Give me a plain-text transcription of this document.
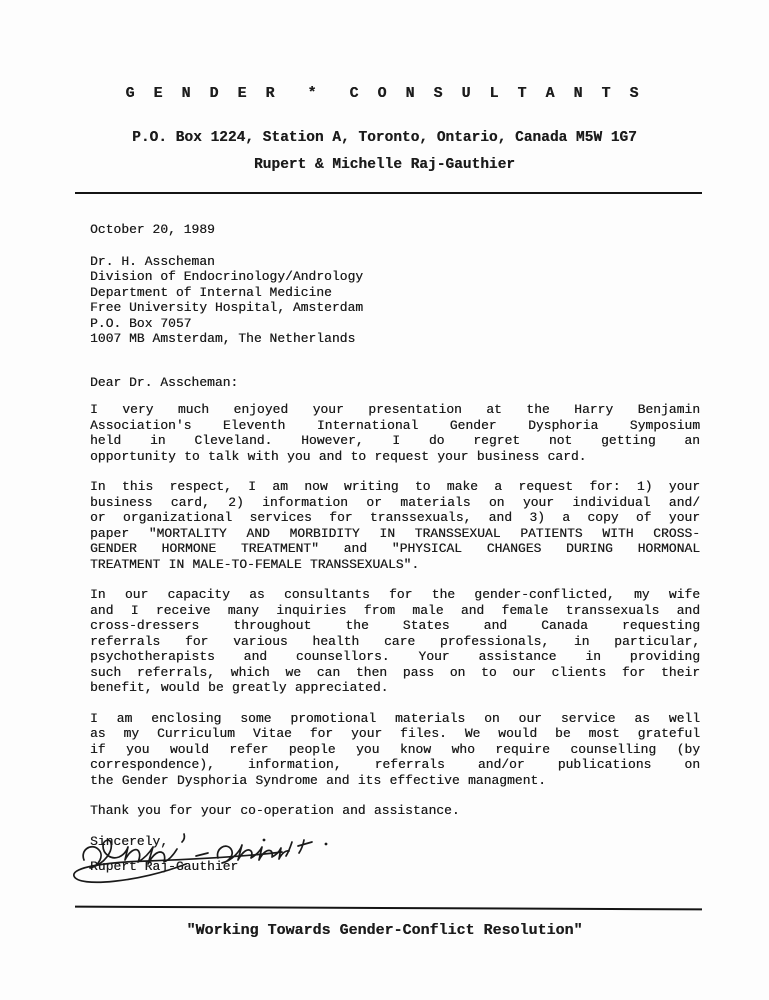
G E N D E R  *  C O N S U L T A N T S
P.O. Box 1224, Station A, Toronto, Ontario, Canada M5W 1G7
Rupert & Michelle Raj-Gauthier
October 20, 1989
Dr. H. Asscheman
Division of Endocrinology/Andrology
Department of Internal Medicine
Free University Hospital, Amsterdam
P.O. Box 7057
1007 MB Amsterdam, The Netherlands
Dear Dr. Asscheman:
I very much enjoyed your presentation at the Harry Benjamin
Association's Eleventh International Gender Dysphoria Symposium
held in Cleveland. However, I do regret not getting an
opportunity to talk with you and to request your business card.
In this respect, I am now writing to make a request for: 1) your
business card, 2) information or materials on your individual and/
or organizational services for transsexuals, and 3) a copy of your
paper "MORTALITY AND MORBIDITY IN TRANSSEXUAL PATIENTS WITH CROSS-
GENDER HORMONE TREATMENT" and "PHYSICAL CHANGES DURING HORMONAL
TREATMENT IN MALE-TO-FEMALE TRANSSEXUALS".
In our capacity as consultants for the gender-conflicted, my wife
and I receive many inquiries from male and female transsexuals and
cross-dressers throughout the States and Canada requesting
referrals for various health care professionals, in particular,
psychotherapists and counsellors. Your assistance in providing
such referrals, which we can then pass on to our clients for their
benefit, would be greatly appreciated.
I am enclosing some promotional materials on our service as well
as my Curriculum Vitae for your files. We would be most grateful
if you would refer people you know who require counselling (by
correspondence), information, referrals and/or publications on
the Gender Dysphoria Syndrome and its effective managment.
Thank you for your co-operation and assistance.
Sincerely,
Rupert Raj-Gauthier
"Working Towards Gender-Conflict Resolution"
